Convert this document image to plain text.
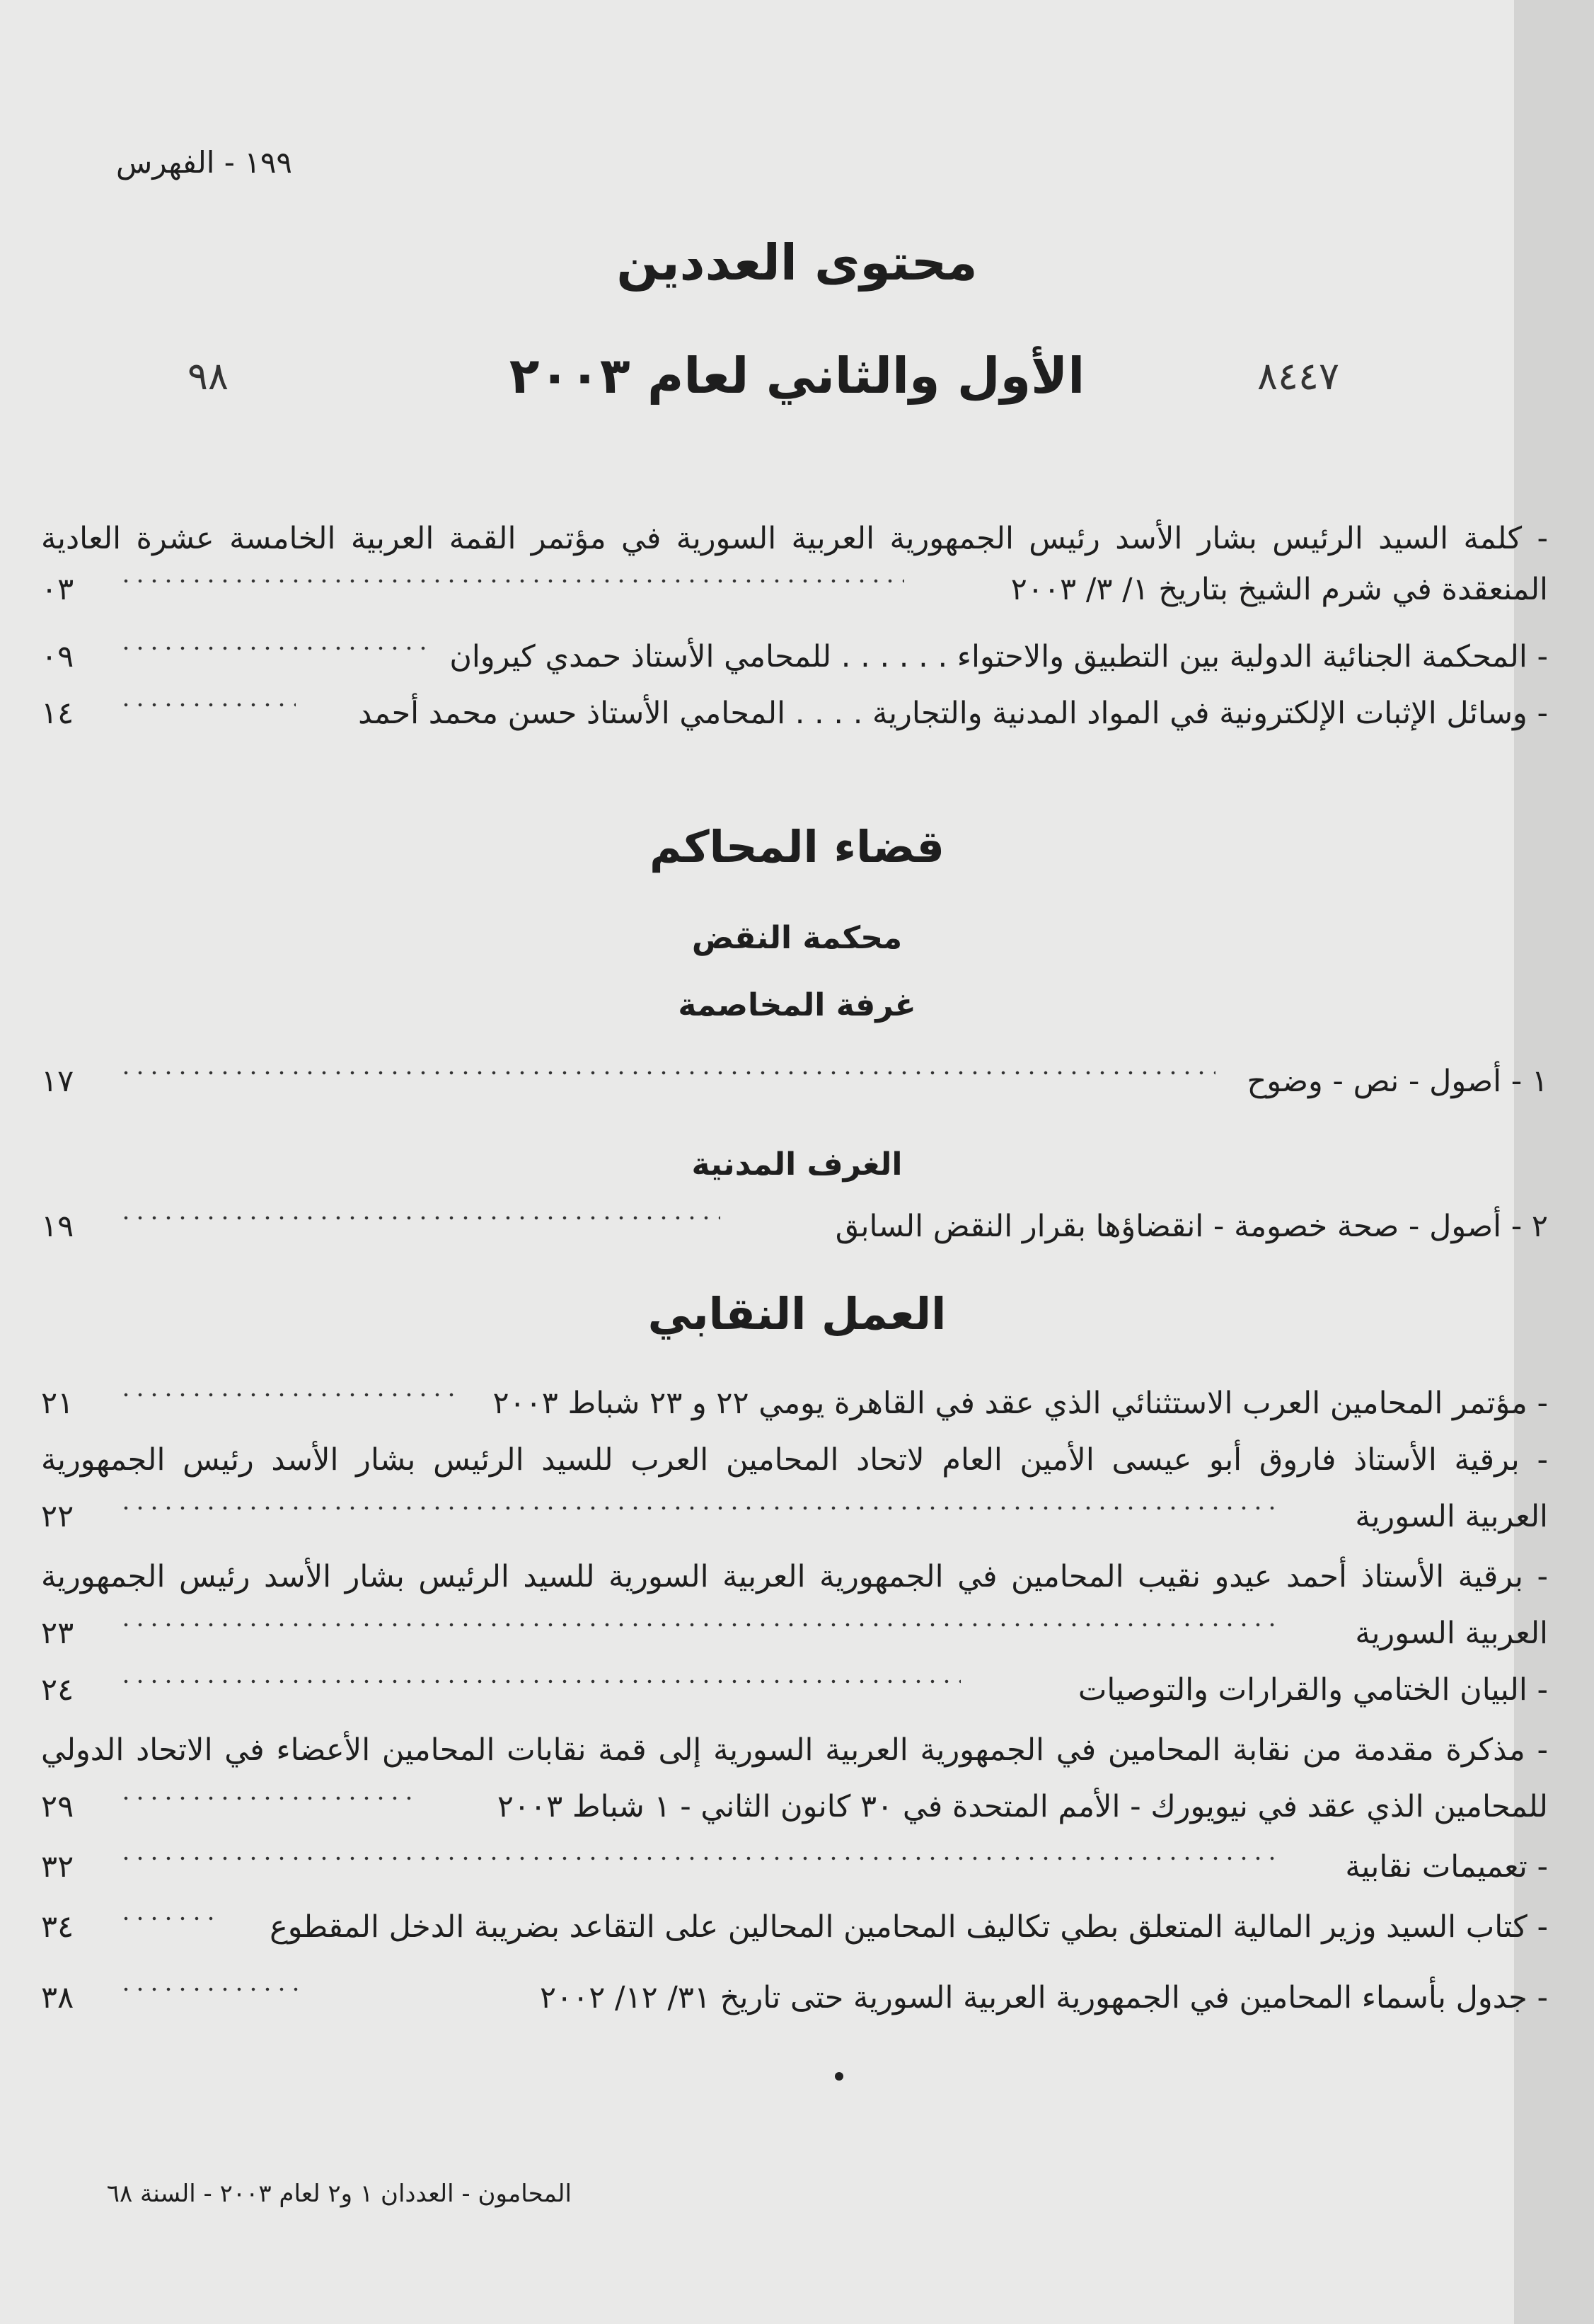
١٩٩ - الفهرس
٨٤٤٧
٩٨
محتوى العددين
الأول والثاني لعام ٢٠٠٣
- كلمة السيد الرئيس بشار الأسد رئيس الجمهورية العربية السورية في مؤتمر القمة العربية الخامسة عشرة العادية
المنعقدة في شرم الشيخ بتاريخ ١/ ٣/ ٢٠٠٣
٠٣
- المحكمة الجنائية الدولية بين التطبيق والاحتواء . . . . . . للمحامي الأستاذ حمدي كيروان
٠٩
- وسائل الإثبات الإلكترونية في المواد المدنية والتجارية . . . . المحامي الأستاذ حسن محمد أحمد
١٤
قضاء المحاكم
محكمة النقض
غرفة المخاصمة
١ - أصول - نص - وضوح
١٧
الغرف المدنية
٢ - أصول - صحة خصومة - انقضاؤها بقرار النقض السابق
١٩
العمل النقابي
- مؤتمر المحامين العرب الاستثنائي الذي عقد في القاهرة يومي ٢٢ و ٢٣ شباط ٢٠٠٣
٢١
- برقية الأستاذ فاروق أبو عيسى الأمين العام لاتحاد المحامين العرب للسيد الرئيس بشار الأسد رئيس الجمهورية
العربية السورية
٢٢
- برقية الأستاذ أحمد عيدو نقيب المحامين في الجمهورية العربية السورية للسيد الرئيس بشار الأسد رئيس الجمهورية
العربية السورية
٢٣
- البيان الختامي والقرارات والتوصيات
٢٤
- مذكرة مقدمة من نقابة المحامين في الجمهورية العربية السورية إلى قمة نقابات المحامين الأعضاء في الاتحاد الدولي
للمحامين الذي عقد في نيويورك - الأمم المتحدة في ٣٠ كانون الثاني - ١ شباط ٢٠٠٣
٢٩
- تعميمات نقابية
٣٢
- كتاب السيد وزير المالية المتعلق بطي تكاليف المحامين المحالين على التقاعد بضريبة الدخل المقطوع
٣٤
- جدول بأسماء المحامين في الجمهورية العربية السورية حتى تاريخ ٣١/ ١٢/ ٢٠٠٢
٣٨
المحامون - العددان ١ و٢ لعام ٢٠٠٣ - السنة ٦٨
